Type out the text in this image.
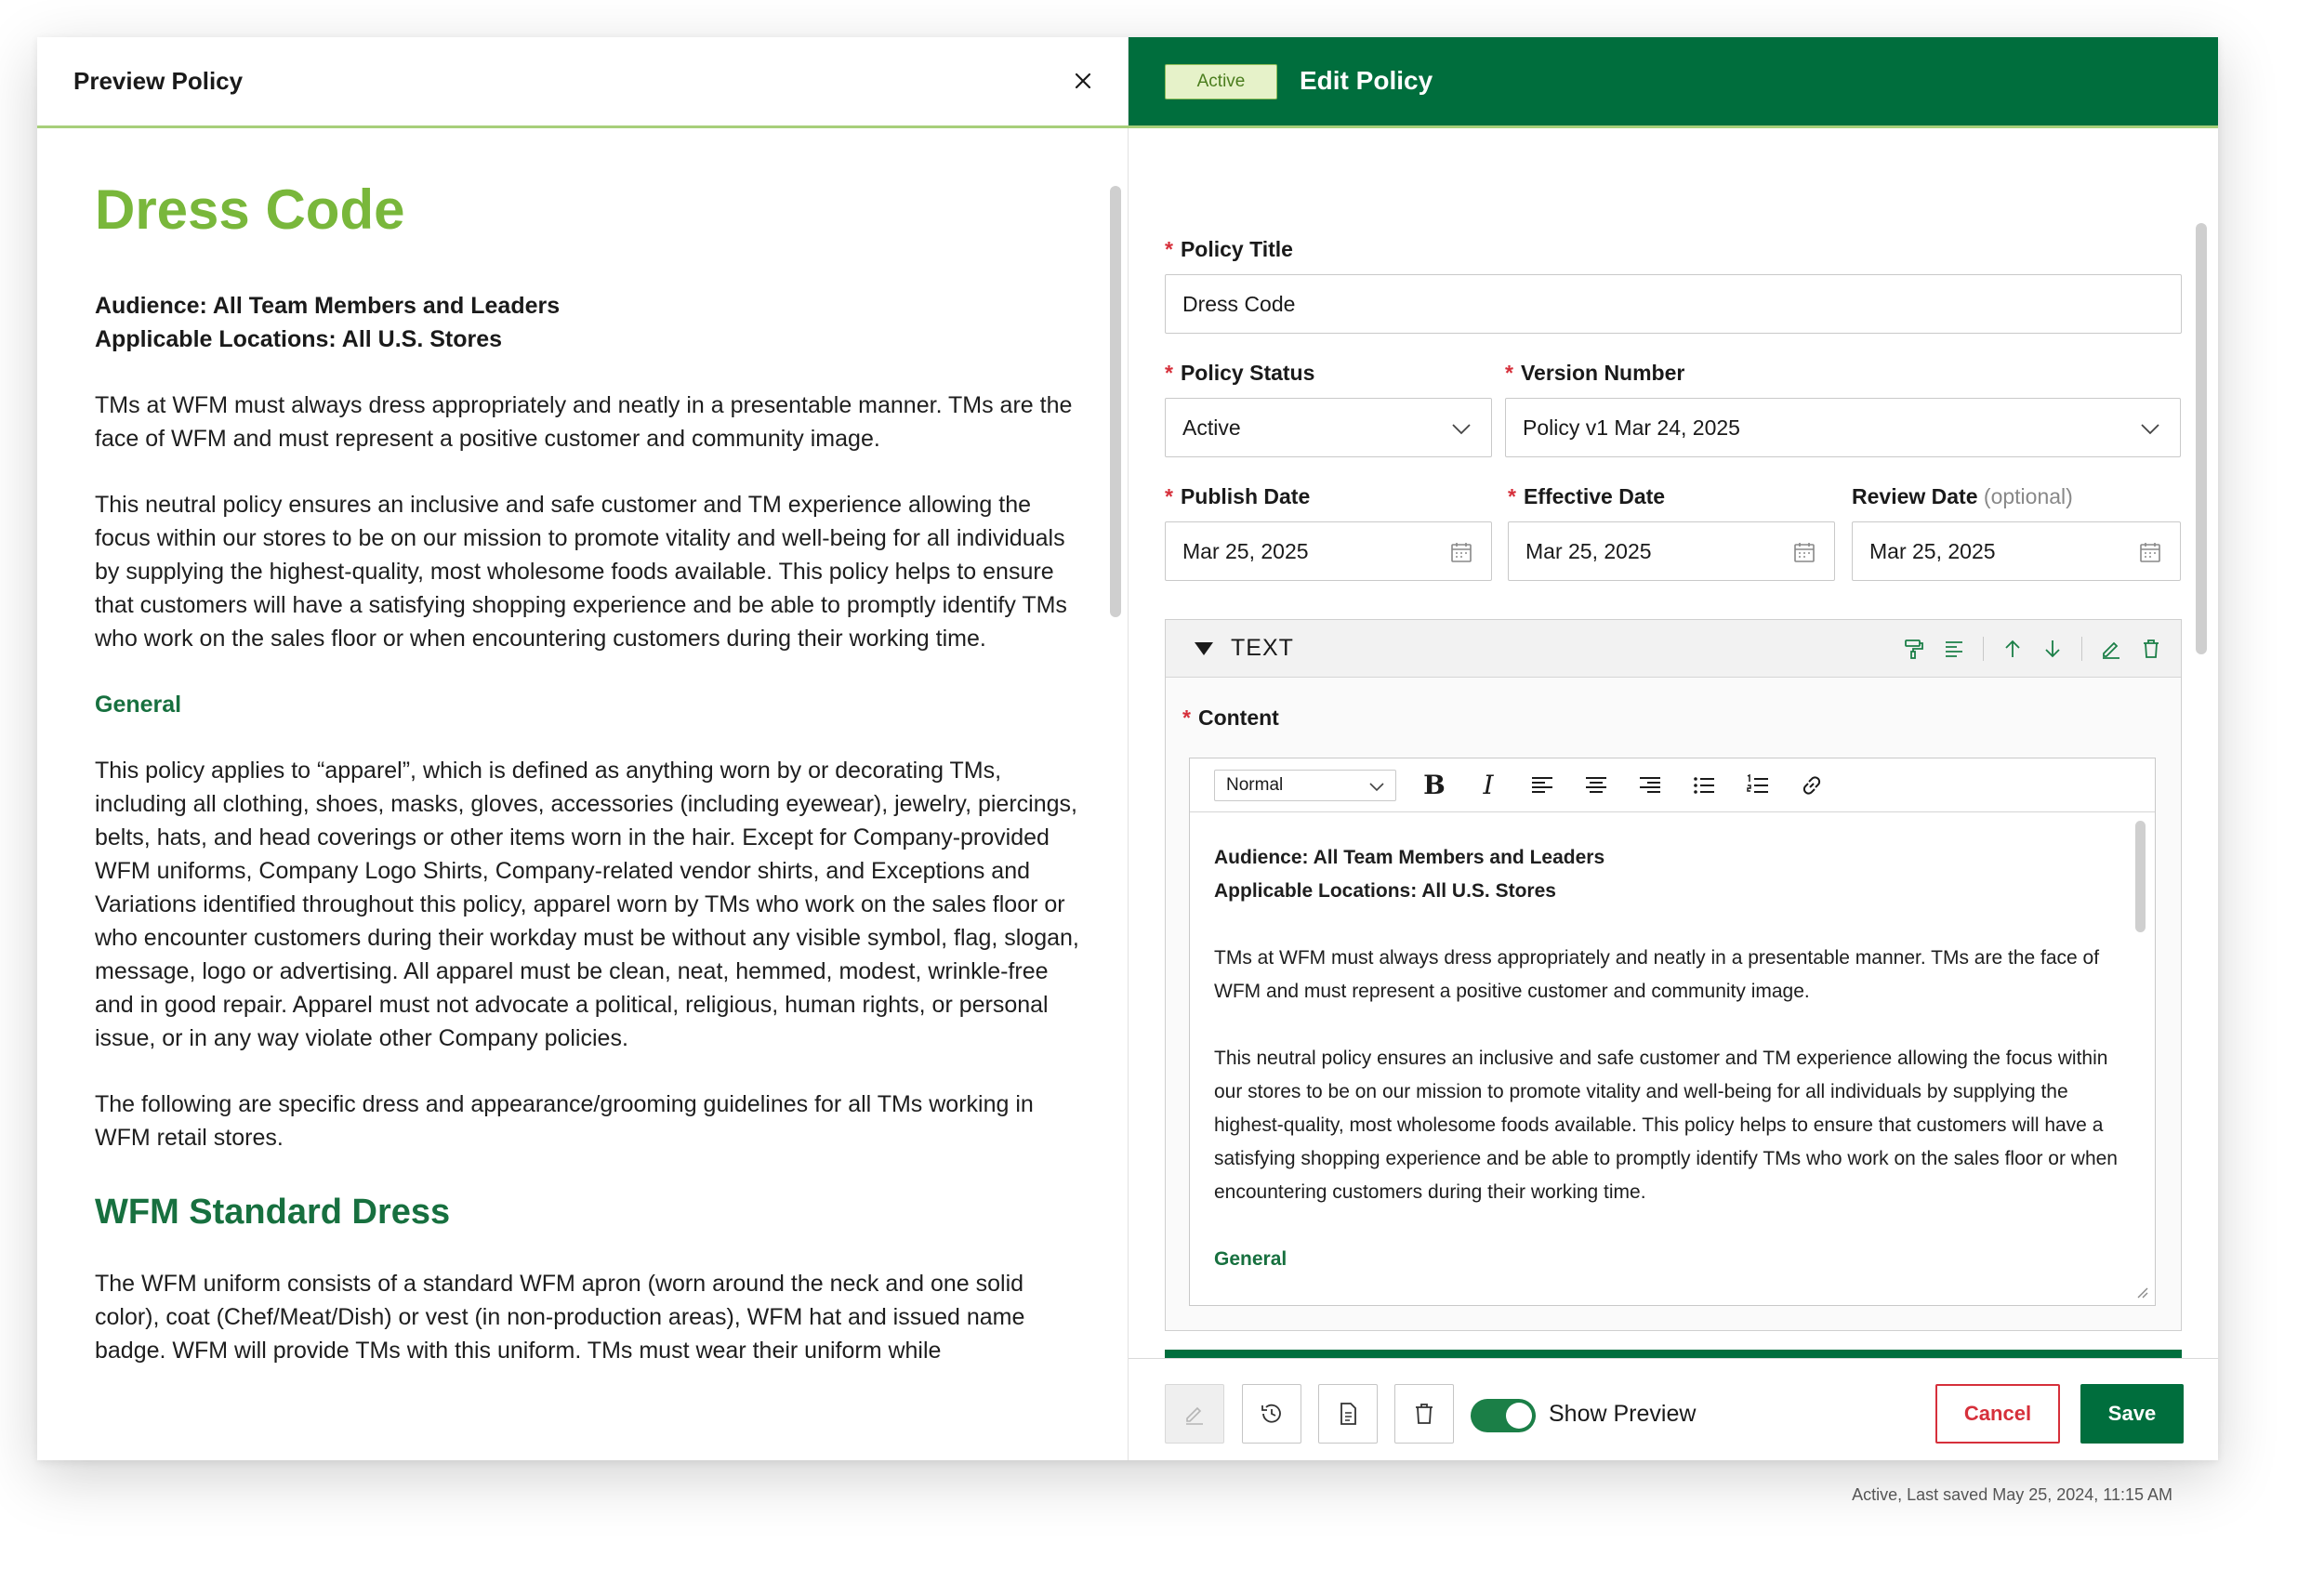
Preview Policy
Dress Code
Audience: All Team Members and Leaders
Applicable Locations: All U.S. Stores

TMs at WFM must always dress appropriately and neatly in a presentable manner. TMs are the face of WFM and must represent a positive customer and community image.

This neutral policy ensures an inclusive and safe customer and TM experience allowing the focus within our stores to be on our mission to promote vitality and well-being for all individuals by supplying the highest-quality, most wholesome foods available. This policy helps to ensure that customers will have a satisfying shopping experience and be able to promptly identify TMs who work on the sales floor or when encountering customers during their working time.

General

This policy applies to “apparel”, which is defined as anything worn by or decorating TMs, including all clothing, shoes, masks, gloves, accessories (including eyewear), jewelry, piercings, belts, hats, and head coverings or other items worn in the hair. Except for Company-provided WFM uniforms, Company Logo Shirts, Company-related vendor shirts, and Exceptions and Variations identified throughout this policy, apparel worn by TMs who work on the sales floor or who encounter customers during their workday must be without any visible symbol, flag, slogan, message, logo or advertising. All apparel must be clean, neat, hemmed, modest, wrinkle-free and in good repair. Apparel must not advocate a political, religious, human rights, or personal issue, or in any way violate other Company policies.

The following are specific dress and appearance/grooming guidelines for all TMs working in WFM retail stores.

WFM Standard Dress

The WFM uniform consists of a standard WFM apron (worn around the neck and one solid color), coat (Chef/Meat/Dish) or vest (in non-production areas), WFM hat and issued name badge. WFM will provide TMs with this uniform. TMs must wear their uniform while

Active	Edit Policy
* Policy Title
Dress Code
* Policy Status
Active
* Version Number
Policy v1 Mar 24, 2025
* Publish Date
Mar 25, 2025
* Effective Date
Mar 25, 2025
Review Date (optional)
Mar 25, 2025
TEXT
* Content
Normal	B I

Audience: All Team Members and Leaders
Applicable Locations: All U.S. Stores

TMs at WFM must always dress appropriately and neatly in a presentable manner. TMs are the face of WFM and must represent a positive customer and community image.

This neutral policy ensures an inclusive and safe customer and TM experience allowing the focus within our stores to be on our mission to promote vitality and well-being for all individuals by supplying the highest-quality, most wholesome foods available. This policy helps to ensure that customers will have a satisfying shopping experience and be able to promptly identify TMs who work on the sales floor or when encountering customers during their working time.

General
Show Preview	Cancel	Save
Active, Last saved May 25, 2024, 11:15 AM
